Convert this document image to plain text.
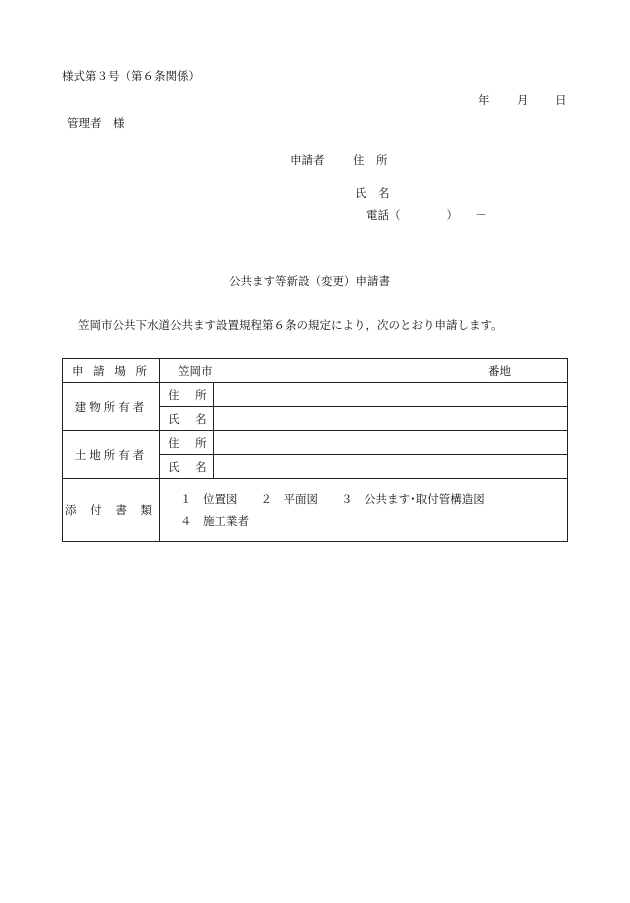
様式第３号（第６条関係）
年 月 日
管理者　様
申請者 住　所
氏　名
電話（　　　　）　　－
公共ます等新設（変更）申請書
笠岡市公共下水道公共ます設置規程第６条の規定により，次のとおり申請します。
申 請 場 所	笠岡市 番地	

建物所有者	住 所	
	氏 名	
土地所有者	住 所	
	氏 名	
添 付 書 類	１　位置図　　２　平面図　　３　公共ます･取付管構造図
４　施工業者	
